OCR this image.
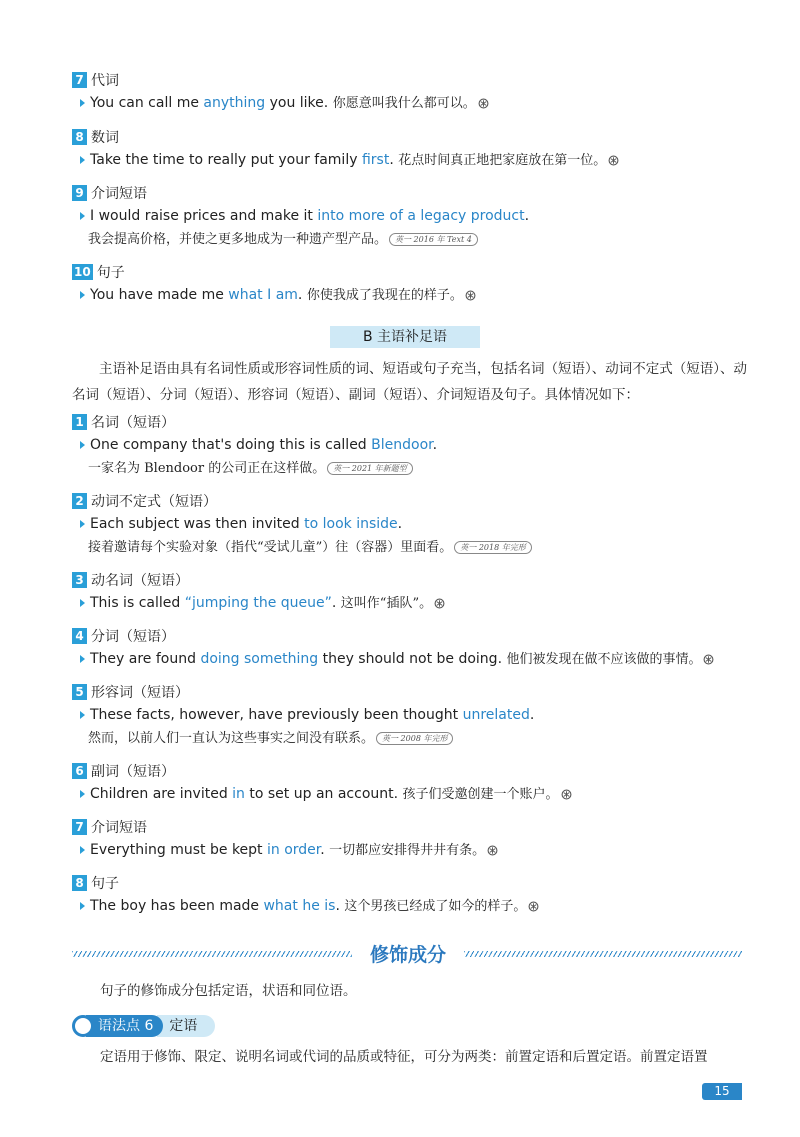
7 代词
You can call me anything you like. 你愿意叫我什么都可以。
8 数词
Take the time to really put your family first. 花点时间真正地把家庭放在第一位。
9 介词短语
I would raise prices and make it into more of a legacy product.
我会提高价格，并使之更多地成为一种遗产型产品。 英一 2016 年 Text 4
10 句子
You have made me what I am. 你使我成了我现在的样子。
B 主语补足语
主语补足语由具有名词性质或形容词性质的词、短语或句子充当，包括名词（短语）、动词不定式（短语）、动名词（短语）、分词（短语）、形容词（短语）、副词（短语）、介词短语及句子。具体情况如下：
1 名词（短语）
One company that's doing this is called Blendoor.
一家名为 Blendoor 的公司正在这样做。 英一 2021 年新题型
2 动词不定式（短语）
Each subject was then invited to look inside.
接着邀请每个实验对象（指代“受试儿童”）往（容器）里面看。 英一 2018 年完形
3 动名词（短语）
This is called “jumping the queue”. 这叫作“插队”。
4 分词（短语）
They are found doing something they should not be doing. 他们被发现在做不应该做的事情。
5 形容词（短语）
These facts, however, have previously been thought unrelated.
然而，以前人们一直认为这些事实之间没有联系。 英一 2008 年完形
6 副词（短语）
Children are invited in to set up an account. 孩子们受邀创建一个账户。
7 介词短语
Everything must be kept in order. 一切都应安排得井井有条。
8 句子
The boy has been made what he is. 这个男孩已经成了如今的样子。
修饰成分
句子的修饰成分包括定语，状语和同位语。
语法点 6	定语
定语用于修饰、限定、说明名词或代词的品质或特征，可分为两类：前置定语和后置定语。前置定语置
15
